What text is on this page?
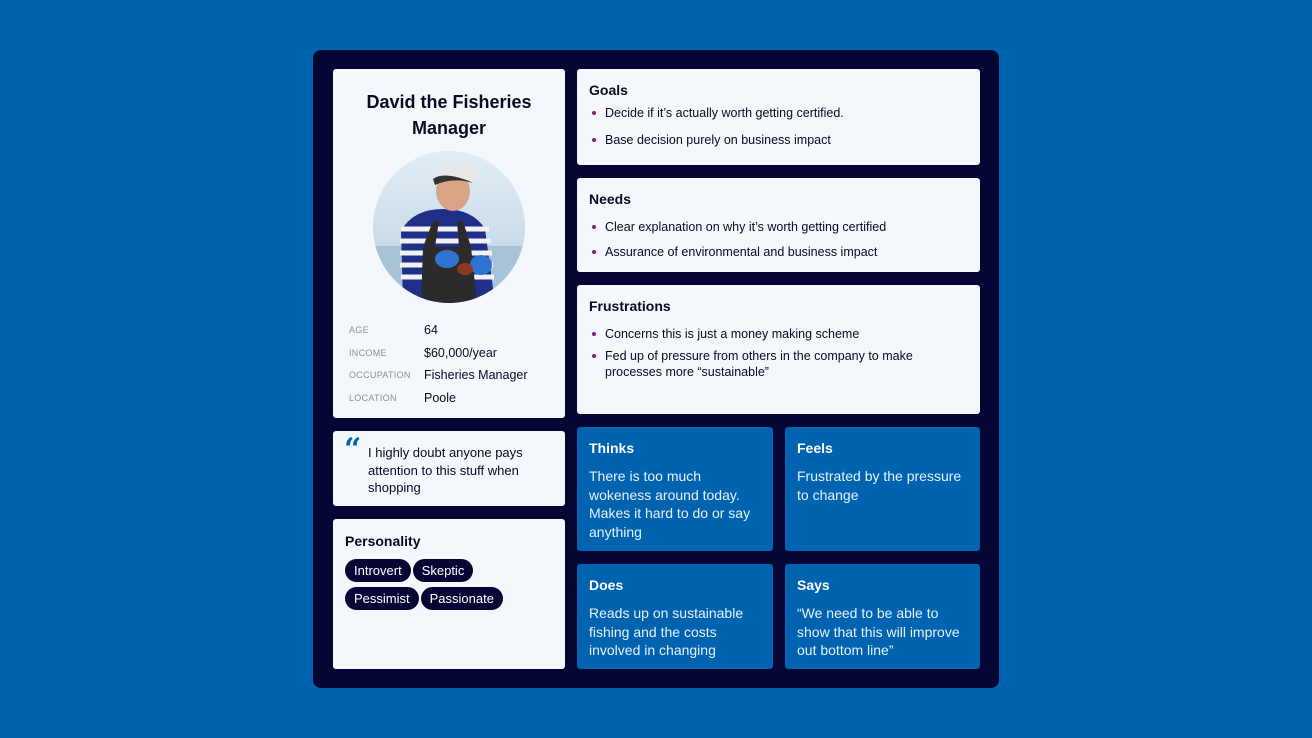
David the Fisheries Manager
AGE	64
INCOME	$60,000/year
OCCUPATION	Fisheries Manager
LOCATION	Poole
“ I highly doubt anyone pays attention to this stuff when shopping
Personality
Introvert Skeptic
Pessimist Passionate
Goals
Decide if it’s actually worth getting certified.
Base decision purely on business impact
Needs
Clear explanation on why it’s worth getting certified
Assurance of environmental and business impact
Frustrations
Concerns this is just a money making scheme
Fed up of pressure from others in the company to make processes more “sustainable”
Thinks
There is too much wokeness around today. Makes it hard to do or say anything
Feels
Frustrated by the pressure to change
Does
Reads up on sustainable fishing and the costs involved in changing
Says
“We need to be able to show that this will improve out bottom line”
